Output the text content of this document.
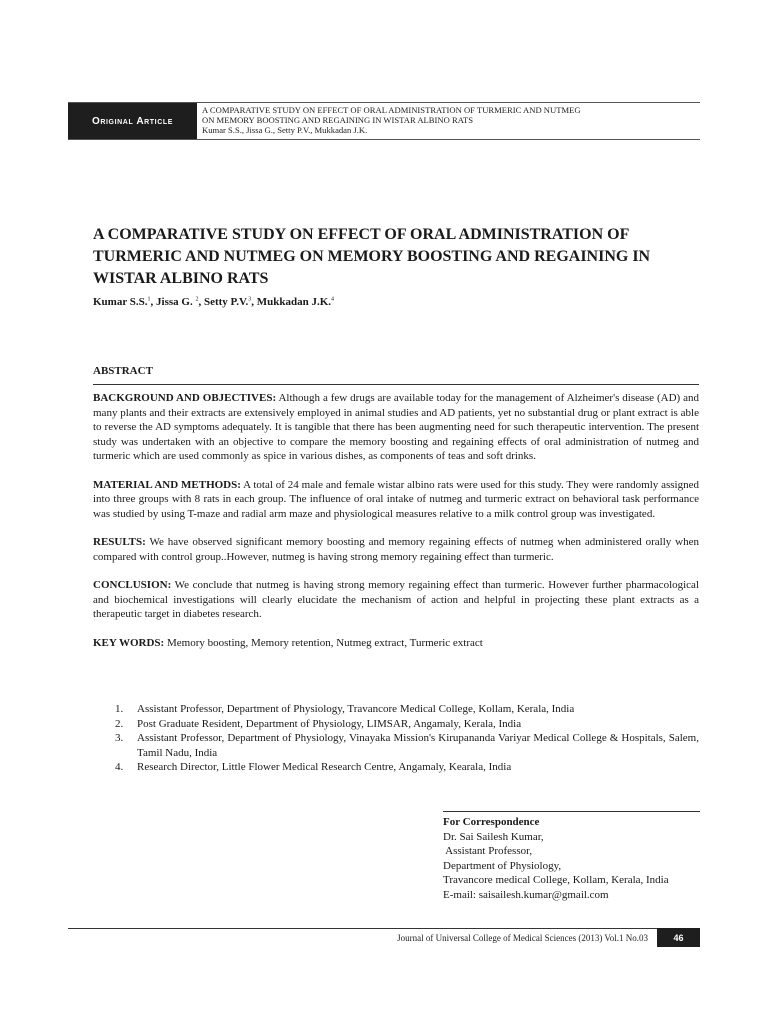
Original Article
A COMPARATIVE STUDY ON EFFECT OF ORAL ADMINISTRATION OF TURMERIC AND NUTMEG
ON MEMORY BOOSTING AND REGAINING IN WISTAR ALBINO RATS
Kumar S.S., Jissa G., Setty P.V., Mukkadan J.K.
A COMPARATIVE STUDY ON EFFECT OF ORAL ADMINISTRATION OF TURMERIC AND NUTMEG ON MEMORY BOOSTING AND REGAINING IN WISTAR ALBINO RATS
Kumar S.S.$^1$, Jissa G. $^2$, Setty P.V.$^3$, Mukkadan J.K.$^4$
ABSTRACT

BACKGROUND AND OBJECTIVES: Although a few drugs are available today for the management of Alzheimer's disease (AD) and many plants and their extracts are extensively employed in animal studies and AD patients, yet no substantial drug or plant extract is able to reverse the AD symptoms adequately. It is tangible that there has been augmenting need for such therapeutic intervention. The present study was undertaken with an objective to compare the memory boosting and regaining effects of oral administration of nutmeg and turmeric which are used commonly as spice in various dishes, as components of teas and soft drinks.

MATERIAL AND METHODS: A total of 24 male and female wistar albino rats were used for this study. They were randomly assigned into three groups with 8 rats in each group. The influence of oral intake of nutmeg and turmeric extract on behavioral task performance was studied by using T-maze and radial arm maze and physiological measures relative to a milk control group was investigated.

RESULTS: We have observed significant memory boosting and memory regaining effects of nutmeg when administered orally when compared with control group..However, nutmeg is having strong memory regaining effect than turmeric.

CONCLUSION: We conclude that nutmeg is having strong memory regaining effect than turmeric. However further pharmacological and biochemical investigations will clearly elucidate the mechanism of action and helpful in projecting these plant extracts as a therapeutic target in diabetes research.

KEY WORDS: Memory boosting, Memory retention, Nutmeg extract, Turmeric extract

1.	Assistant Professor, Department of Physiology, Travancore Medical College, Kollam, Kerala, India
2.	Post Graduate Resident, Department of Physiology, LIMSAR, Angamaly, Kerala, India
3.	Assistant Professor, Department of Physiology, Vinayaka Mission's Kirupananda Variyar Medical College & Hospitals, Salem, Tamil Nadu, India
4.	Research Director, Little Flower Medical Research Centre, Angamaly, Kearala, India
For Correspondence
Dr. Sai Sailesh Kumar,
Assistant Professor,
Department of Physiology,
Travancore medical College, Kollam, Kerala, India
E-mail: saisailesh.kumar@gmail.com
Journal of Universal College of Medical Sciences (2013) Vol.1 No.03	46
